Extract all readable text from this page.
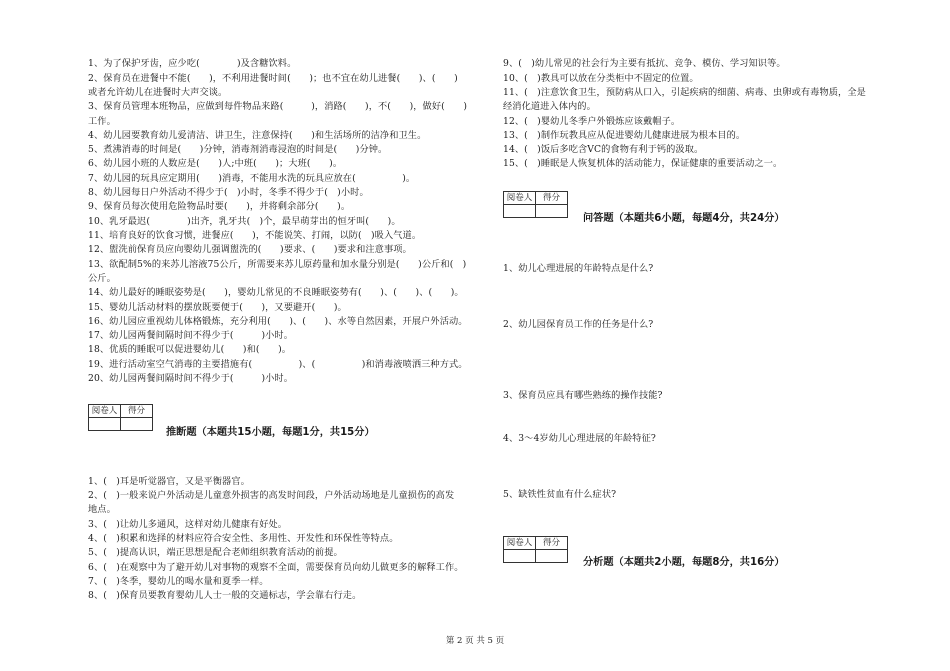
1、为了保护牙齿，应少吃(　　　　)及含糖饮料。
2、保育员在进餐中不能(　　)，不利用进餐时间(　　)；也不宜在幼儿进餐(　　)、(　　)
或者允许幼儿在进餐时大声交谈。
3、保育员管理本班物品，应做到每件物品来路(　　　)，消路(　　)，不(　　)，做好(　　)
工作。
4、幼儿园要教育幼儿爱清洁、讲卫生，注意保持(　　)和生活场所的洁净和卫生。
5、煮沸消毒的时间是(　　)分钟，消毒剂消毒浸泡的时间是(　　)分钟。
6、幼儿园小班的人数应是(　　)人;中班(　　)；大班(　　)。
7、幼儿园的玩具应定期用(　　)消毒，不能用水洗的玩具应放在(　　　　　)。
8、幼儿园每日户外活动不得少于(　)小时，冬季不得少于(　)小时。
9、保育员每次使用危险物品时要(　　)，并将剩余部分(　　)。
10、乳牙最迟(　　　　)出齐，乳牙共(　)个，最早萌芽出的恒牙叫(　　)。
11、培育良好的饮食习惯，进餐应(　　)，不能说笑、打闹，以防(　)吸入气道。
12、盥洗前保育员应向婴幼儿强调盥洗的(　　)要求、(　　)要求和注意事项。
13、欲配制5%的来苏儿溶液75公斤，所需要来苏儿原药量和加水量分别是(　　)公斤和(　)
公斤。
14、幼儿最好的睡眠姿势是(　　)，婴幼儿常见的不良睡眠姿势有(　　)、(　　)、(　　)。
15、婴幼儿活动材料的摆放既要便于(　　)，又要避开(　　)。
16、幼儿园应重视幼儿体格锻炼，充分利用(　　)、(　　)、水等自然因素，开展户外活动。
17、幼儿园两餐间隔时间不得少于(　　　)小时。
18、优质的睡眠可以促进婴幼儿(　　)和(　　)。
19、进行活动室空气消毒的主要措施有(　　　　　)、(　　　　　)和消毒液喷洒三种方式。
20、幼儿园两餐间隔时间不得少于(　　　)小时。
阅卷人	得分

推断题（本题共15小题，每题1分，共15分）
1、(　)耳是听觉器官，又是平衡器官。
2、(　)一般来说户外活动是儿童意外损害的高发时间段，户外活动场地是儿童损伤的高发
地点。
3、(　)让幼儿多通风，这样对幼儿健康有好处。
4、(　)积累和选择的材料应符合安全性、多用性、开发性和环保性等特点。
5、(　)提高认识，端正思想是配合老师组织教育活动的前提。
6、(　)在观察中为了避开幼儿对事物的观察不全面，需要保育员向幼儿做更多的解释工作。
7、(　)冬季，婴幼儿的喝水量和夏季一样。
8、(　)保育员要教育婴幼儿人士一般的交通标志，学会靠右行走。
9、(　)幼儿常见的社会行为主要有抵抗、竞争、模仿、学习知识等。
10、(　)教具可以放在分类柜中不固定的位置。
11、(　)注意饮食卫生，预防病从口入，引起疾病的细菌、病毒、虫卵或有毒物质，全是
经消化道进入体内的。
12、(　)婴幼儿冬季户外锻炼应该戴帽子。
13、(　)制作玩教具应从促进婴幼儿健康进展为根本目的。
14、(　)饭后多吃含VC的食物有利于钙的汲取。
15、(　)睡眠是人恢复机体的活动能力，保证健康的重要活动之一。
阅卷人	得分

问答题（本题共6小题，每题4分，共24分）
1、幼儿心理进展的年龄特点是什么?
2、幼儿园保育员工作的任务是什么?
3、保育员应具有哪些熟练的操作技能?
4、3～4岁幼儿心理进展的年龄特征?
5、缺铁性贫血有什么症状?
阅卷人	得分

分析题（本题共2小题，每题8分，共16分）
第 2 页 共 5 页
